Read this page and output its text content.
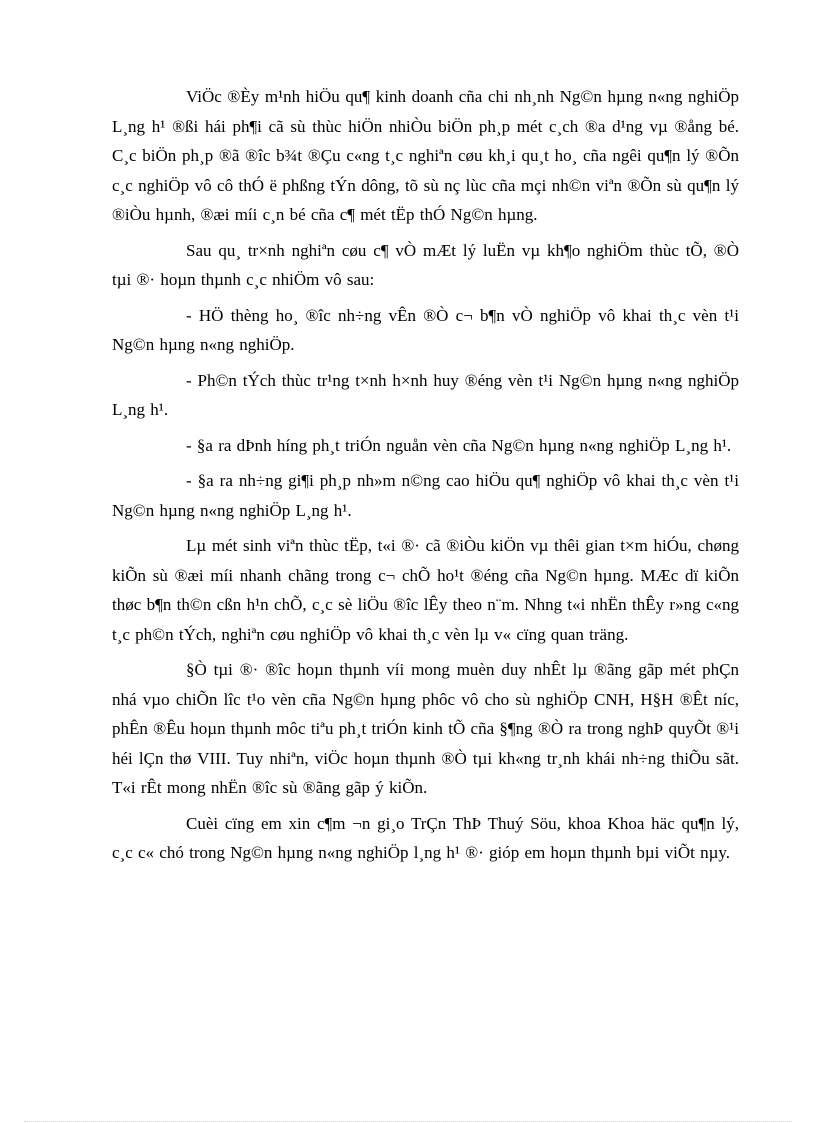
ViÖc ®Èy m¹nh hiÖu qu¶ kinh doanh cña chi nh¸nh Ng©n hµng n«ng nghiÖp L¸ng h¹ ®ßi hái ph¶i cã sù thùc hiÖn nhiÒu biÖn ph¸p mét c¸ch ®a d¹ng vµ ®ång bé. C¸c biÖn ph¸p ®ã ®îc b¾t ®Çu c«ng t¸c nghiªn cøu kh¸i qu¸t ho¸ cña ngêi qu¶n lý ®Õn c¸c nghiÖp vô cô thÓ ë phßng tÝn dông, tõ sù nç lùc cña mçi nh©n viªn ®Õn sù qu¶n lý ®iÒu hµnh, ®æi míi c¸n bé cña c¶ mét tËp thÓ Ng©n hµng.

Sau qu¸ tr×nh nghiªn cøu c¶ vÒ mÆt lý luËn vµ kh¶o nghiÖm thùc tÕ, ®Ò tµi ®· hoµn thµnh c¸c nhiÖm vô sau:

- HÖ thèng ho¸ ®îc nh÷ng vÊn ®Ò c¬ b¶n vÒ nghiÖp vô khai th¸c vèn t¹i Ng©n hµng n«ng nghiÖp.

- Ph©n tÝch thùc tr¹ng t×nh h×nh huy ®éng vèn t¹i Ng©n hµng n«ng nghiÖp L¸ng h¹.

- §a ra dÞnh híng ph¸t triÓn nguån vèn cña Ng©n hµng n«ng nghiÖp L¸ng h¹.

- §a ra nh÷ng gi¶i ph¸p nh»m n©ng cao hiÖu qu¶ nghiÖp vô khai th¸c vèn t¹i Ng©n hµng n«ng nghiÖp L¸ng h¹.

Lµ mét sinh viªn thùc tËp, t«i ®· cã ®iÒu kiÖn vµ thêi gian t×m hiÓu, chøng kiÕn sù ®æi míi nhanh chãng trong c¬ chÕ ho¹t ®éng cña Ng©n hµng. MÆc dï kiÕn thøc b¶n th©n cßn h¹n chÕ, c¸c sè liÖu ®îc lÊy theo n¨m. Nhng t«i nhËn thÊy r»ng c«ng t¸c ph©n tÝch, nghiªn cøu nghiÖp vô khai th¸c vèn lµ v« cïng quan träng.

§Ò tµi ®· ®îc hoµn thµnh víi mong muèn duy nhÊt lµ ®ãng gãp mét phÇn nhá vµo chiÕn lîc t¹o vèn cña Ng©n hµng phôc vô cho sù nghiÖp CNH, H§H ®Êt níc, phÊn ®Êu hoµn thµnh môc tiªu ph¸t triÓn kinh tÕ cña §¶ng ®Ò ra trong nghÞ quyÕt ®¹i héi lÇn thø VIII. Tuy nhiªn, viÖc hoµn thµnh ®Ò tµi kh«ng tr¸nh khái nh÷ng thiÕu sãt. T«i rÊt mong nhËn ®îc sù ®ãng gãp ý kiÕn.

Cuèi cïng em xin c¶m ¬n gi¸o TrÇn ThÞ Thuý Söu, khoa Khoa häc qu¶n lý, c¸c c« chó trong Ng©n hµng n«ng nghiÖp l¸ng h¹ ®· gióp em hoµn thµnh bµi viÕt nµy.
